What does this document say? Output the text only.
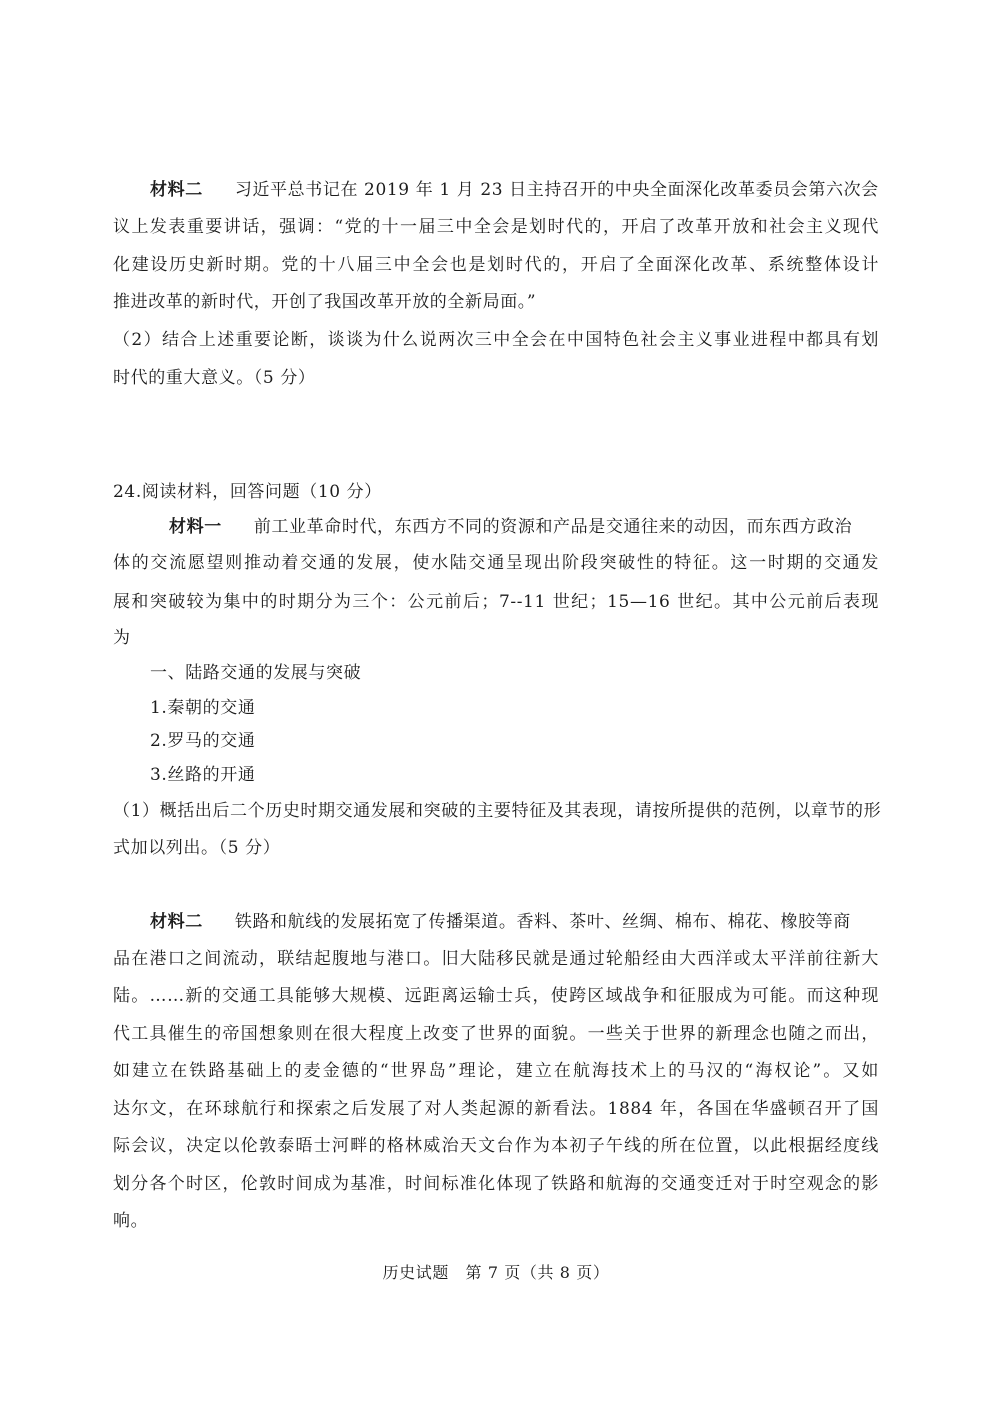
材料二 习近平总书记在 2019 年 1 月 23 日主持召开的中央全面深化改革委员会第六次会
议上发表重要讲话，强调：“党的十一届三中全会是划时代的，开启了改革开放和社会主义现代
化建设历史新时期。党的十八届三中全会也是划时代的，开启了全面深化改革、系统整体设计
推进改革的新时代，开创了我国改革开放的全新局面。”
（2）结合上述重要论断，谈谈为什么说两次三中全会在中国特色社会主义事业进程中都具有划
时代的重大意义。（5 分）
24.阅读材料，回答问题（10 分）
材料一 前工业革命时代，东西方不同的资源和产品是交通往来的动因，而东西方政治
体的交流愿望则推动着交通的发展，使水陆交通呈现出阶段突破性的特征。这一时期的交通发
展和突破较为集中的时期分为三个：公元前后；7--11 世纪；15—16 世纪。其中公元前后表现
为
一、陆路交通的发展与突破
1.秦朝的交通
2.罗马的交通
3.丝路的开通
（1）概括出后二个历史时期交通发展和突破的主要特征及其表现，请按所提供的范例，以章节的形
式加以列出。（5 分）
材料二 铁路和航线的发展拓宽了传播渠道。香料、茶叶、丝绸、棉布、棉花、橡胶等商
品在港口之间流动，联结起腹地与港口。旧大陆移民就是通过轮船经由大西洋或太平洋前往新大
陆。……新的交通工具能够大规模、远距离运输士兵，使跨区域战争和征服成为可能。而这种现
代工具催生的帝国想象则在很大程度上改变了世界的面貌。一些关于世界的新理念也随之而出，
如建立在铁路基础上的麦金德的“世界岛”理论，建立在航海技术上的马汉的“海权论”。又如
达尔文，在环球航行和探索之后发展了对人类起源的新看法。1884 年，各国在华盛顿召开了国
际会议，决定以伦敦泰晤士河畔的格林威治天文台作为本初子午线的所在位置，以此根据经度线
划分各个时区，伦敦时间成为基准，时间标准化体现了铁路和航海的交通变迁对于时空观念的影
响。
历史试题　第 7 页（共 8 页）
